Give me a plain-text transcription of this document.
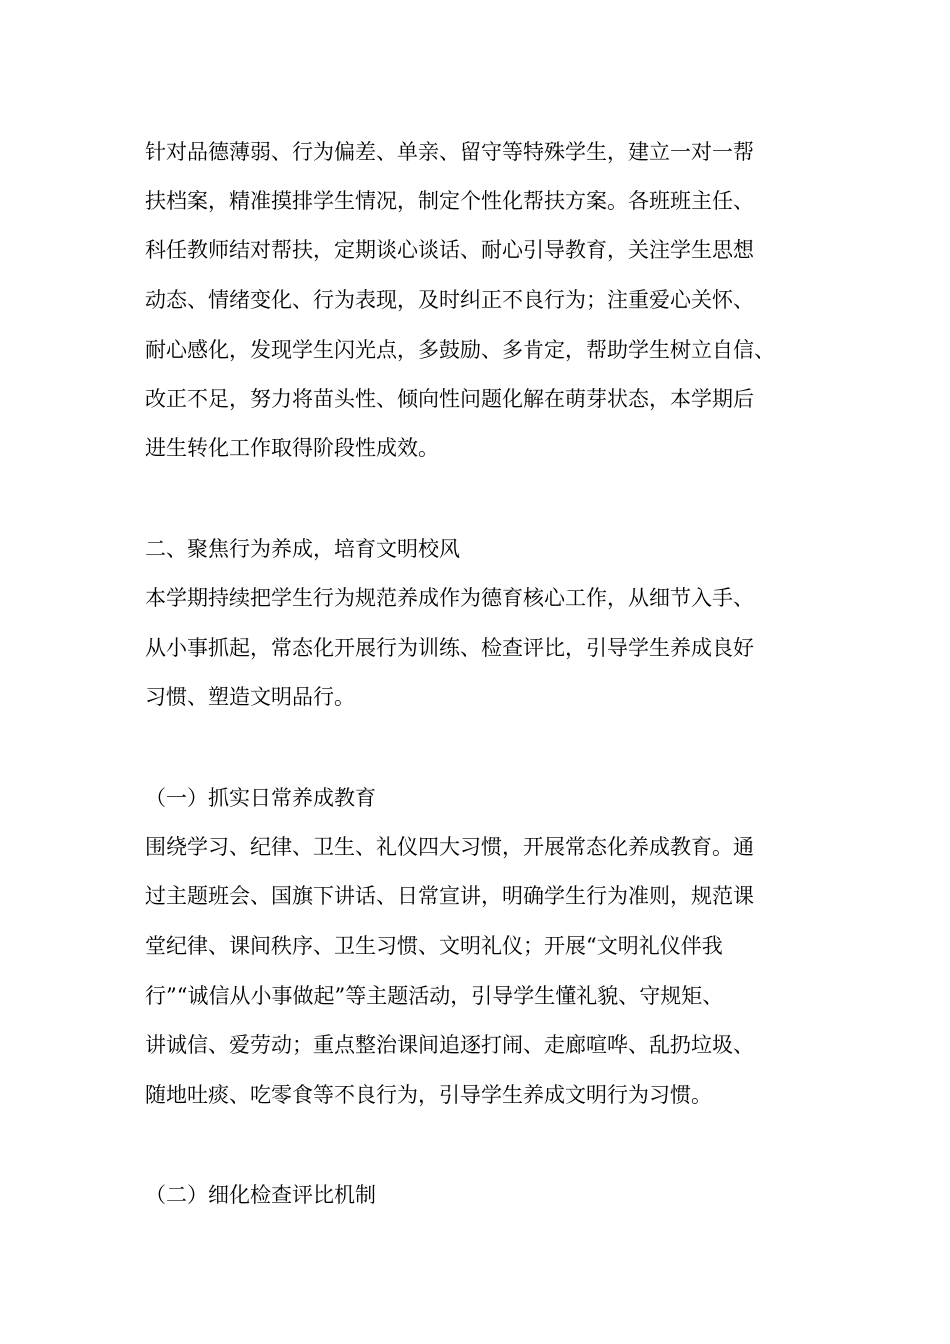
针对品德薄弱、行为偏差、单亲、留守等特殊学生，建立一对一帮
扶档案，精准摸排学生情况，制定个性化帮扶方案。各班班主任、
科任教师结对帮扶，定期谈心谈话、耐心引导教育，关注学生思想
动态、情绪变化、行为表现，及时纠正不良行为；注重爱心关怀、
耐心感化，发现学生闪光点，多鼓励、多肯定，帮助学生树立自信、
改正不足，努力将苗头性、倾向性问题化解在萌芽状态，本学期后
进生转化工作取得阶段性成效。
二、聚焦行为养成，培育文明校风
本学期持续把学生行为规范养成作为德育核心工作，从细节入手、
从小事抓起，常态化开展行为训练、检查评比，引导学生养成良好
习惯、塑造文明品行。
（一）抓实日常养成教育
围绕学习、纪律、卫生、礼仪四大习惯，开展常态化养成教育。通
过主题班会、国旗下讲话、日常宣讲，明确学生行为准则，规范课
堂纪律、课间秩序、卫生习惯、文明礼仪；开展“文明礼仪伴我
行”“诚信从小事做起”等主题活动，引导学生懂礼貌、守规矩、
讲诚信、爱劳动；重点整治课间追逐打闹、走廊喧哗、乱扔垃圾、
随地吐痰、吃零食等不良行为，引导学生养成文明行为习惯。
（二）细化检查评比机制
